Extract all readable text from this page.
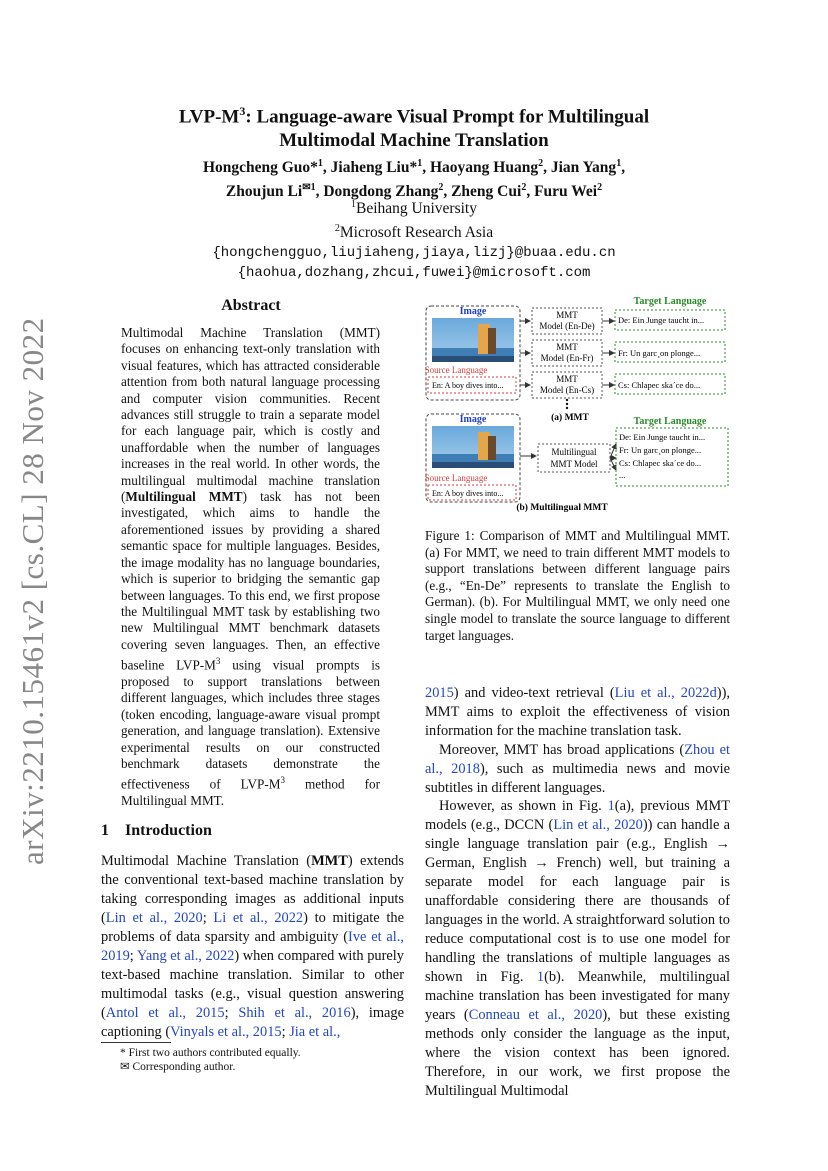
LVP-$M^3$: Language-aware Visual Prompt for Multilingual
Multimodal Machine Translation
Hongcheng Guo*$^1$, Jiaheng Liu*$^1$, Haoyang Huang$^2$, Jian Yang$^1$,
Zhoujun $Li^{✉1}$, Dongdong Zhang$^2$, Zheng Cui$^2$, Furu Wei$^2$
$^1$Beihang University
$^2$Microsoft Research Asia
{hongchengguo,liujiaheng,jiaya,lizj}@buaa.edu.cn
{haohua,dozhang,zhcui,fuwei}@microsoft.com
arXiv:2210.15461v2 [cs.CL] 28 Nov 2022
Abstract
Multimodal Machine Translation (MMT) focuses on enhancing text-only translation with visual features, which has attracted considerable attention from both natural language processing and computer vision communities. Recent advances still struggle to train a separate model for each language pair, which is costly and unaffordable when the number of languages increases in the real world. In other words, the multilingual multimodal machine translation (Multilingual MMT) task has not been investigated, which aims to handle the aforementioned issues by providing a shared semantic space for multiple languages. Besides, the image modality has no language boundaries, which is superior to bridging the semantic gap between languages. To this end, we first propose the Multilingual MMT task by establishing two new Multilingual MMT benchmark datasets covering seven languages. Then, an effective baseline LVP-$M^3$ using visual prompts is proposed to support translations between different languages, which includes three stages (token encoding, language-aware visual prompt generation, and language translation). Extensive experimental results on our constructed benchmark datasets demonstrate the effectiveness of LVP-$M^3$ method for Multilingual MMT.
1 Introduction
Multimodal Machine Translation (MMT) extends the conventional text-based machine translation by taking corresponding images as additional inputs (Lin et al., 2020; Li et al., 2022) to mitigate the problems of data sparsity and ambiguity (Ive et al., 2019; Yang et al., 2022) when compared with purely text-based machine translation. Similar to other multimodal tasks (e.g., visual question answering (Antol et al., 2015; Shih et al., 2016), image captioning (Vinyals et al., 2015; Jia et al.,
* First two authors contributed equally.
✉ Corresponding author.
Image
Source Language
En: A boy dives into...
MMT
Model (En-De)
MMT
Model (En-Fr)
MMT
Model (En-Cs)
Target Language
De: Ein Junge taucht in...
Fr: Un garc¸on plonge...
Cs: Chlapec ska´ce do...
(a) MMT
Image
Source Language
En: A boy dives into...
Multilingual
MMT Model
Target Language
De: Ein Junge taucht in...
Fr: Un garc¸on plonge...
Cs: Chlapec ska´ce do...
...
(b) Multilingual MMT
Figure 1: Comparison of MMT and Multilingual MMT. (a) For MMT, we need to train different MMT models to support translations between different language pairs (e.g., “En-De” represents to translate the English to German). (b). For Multilingual MMT, we only need one single model to translate the source language to different target languages.
2015) and video-text retrieval (Liu et al., 2022d)), MMT aims to exploit the effectiveness of vision information for the machine translation task.
Moreover, MMT has broad applications (Zhou et al., 2018), such as multimedia news and movie subtitles in different languages.
However, as shown in Fig. 1(a), previous MMT models (e.g., DCCN (Lin et al., 2020)) can handle a single language translation pair (e.g., English → German, English → French) well, but training a separate model for each language pair is unaffordable considering there are thousands of languages in the world. A straightforward solution to reduce computational cost is to use one model for handling the translations of multiple languages as shown in Fig. 1(b). Meanwhile, multilingual machine translation has been investigated for many years (Conneau et al., 2020), but these existing methods only consider the language as the input, where the vision context has been ignored. Therefore, in our work, we first propose the Multilingual Multimodal
